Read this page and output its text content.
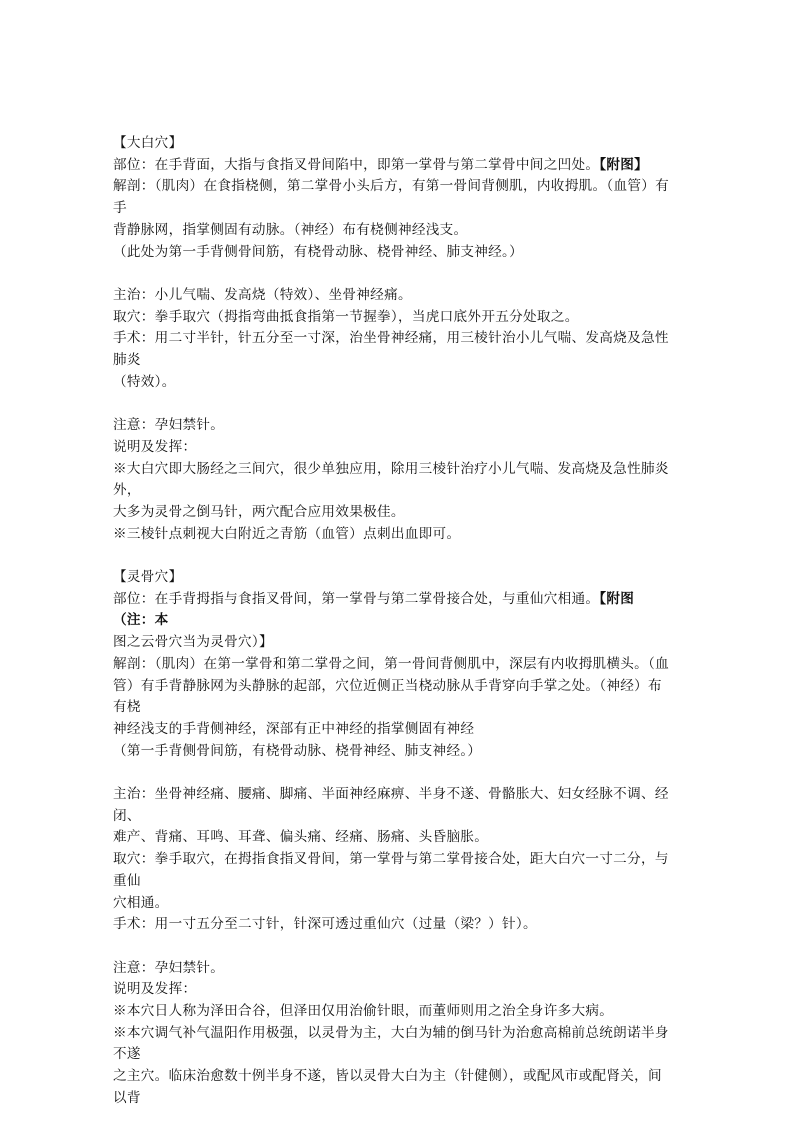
【大白穴】

部位：在手背面，大指与食指叉骨间陷中，即第一掌骨与第二掌骨中间之凹处。【附图】

解剖：（肌肉）在食指桡侧，第二掌骨小头后方，有第一骨间背侧肌，内收拇肌。（血管）有手

背静脉网，指掌侧固有动脉。（神经）布有桡侧神经浅支。

（此处为第一手背侧骨间筋，有桡骨动脉、桡骨神经、肺支神经。）

主治：小儿气喘、发高烧（特效）、坐骨神经痛。

取穴：拳手取穴（拇指弯曲抵食指第一节握拳），当虎口底外开五分处取之。

手术：用二寸半针，针五分至一寸深，治坐骨神经痛，用三棱针治小儿气喘、发高烧及急性肺炎

（特效）。

注意：孕妇禁针。

说明及发挥：

※大白穴即大肠经之三间穴，很少单独应用，除用三棱针治疗小儿气喘、发高烧及急性肺炎外，

大多为灵骨之倒马针，两穴配合应用效果极佳。

※三棱针点刺视大白附近之青筋（血管）点刺出血即可。

【灵骨穴】

部位：在手背拇指与食指叉骨间，第一掌骨与第二掌骨接合处，与重仙穴相通。【附图（注：本

图之云骨穴当为灵骨穴）】

解剖：（肌肉）在第一掌骨和第二掌骨之间，第一骨间背侧肌中，深层有内收拇肌横头。（血

管）有手背静脉网为头静脉的起部，穴位近侧正当桡动脉从手背穿向手掌之处。（神经）布有桡

神经浅支的手背侧神经，深部有正中神经的指掌侧固有神经

（第一手背侧骨间筋，有桡骨动脉、桡骨神经、肺支神经。）

主治：坐骨神经痛、腰痛、脚痛、半面神经麻痹、半身不遂、骨骼胀大、妇女经脉不调、经闭、

难产、背痛、耳鸣、耳聋、偏头痛、经痛、肠痛、头昏脑胀。

取穴：拳手取穴，在拇指食指叉骨间，第一掌骨与第二掌骨接合处，距大白穴一寸二分，与重仙

穴相通。

手术：用一寸五分至二寸针，针深可透过重仙穴（过量（梁？）针）。

注意：孕妇禁针。

说明及发挥：

※本穴日人称为泽田合谷，但泽田仅用治偷针眼，而董师则用之治全身许多大病。

※本穴调气补气温阳作用极强，以灵骨为主，大白为辅的倒马针为治愈高棉前总统朗诺半身不遂

之主穴。临床治愈数十例半身不遂，皆以灵骨大白为主（针健侧），或配风市或配肾关，间以背
